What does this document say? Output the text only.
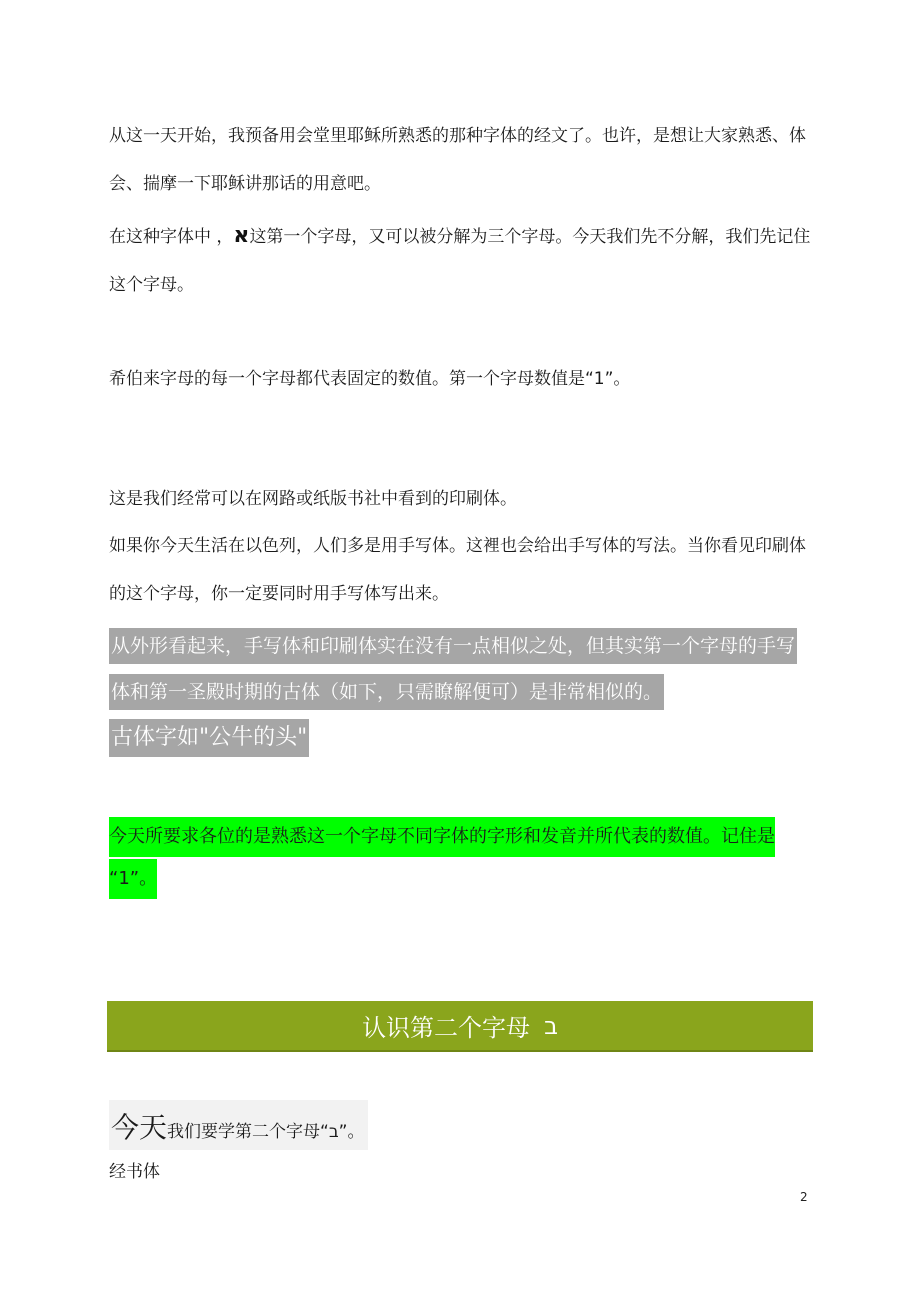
从这一天开始，我预备用会堂里耶稣所熟悉的那种字体的经文了。也许，是想让大家熟悉、体
会、揣摩一下耶稣讲那话的用意吧。
在这种字体中 ，א这第一个字母，又可以被分解为三个字母。今天我们先不分解，我们先记住
这个字母。
希伯来字母的每一个字母都代表固定的数值。第一个字母数值是“1”。
这是我们经常可以在网路或纸版书社中看到的印刷体。
如果你今天生活在以色列，人们多是用手写体。这裡也会给出手写体的写法。当你看见印刷体
的这个字母，你一定要同时用手写体写出来。
从外形看起来，手写体和印刷体实在没有一点相似之处，但其实第一个字母的手写
体和第一圣殿时期的古体（如下，只需瞭解便可）是非常相似的。
古体字如"公牛的头"
今天所要求各位的是熟悉这一个字母不同字体的字形和发音并所代表的数值。记住是
“1”。
认识第二个字母 ב
今天 我们要学第二个字母“ב”。
经书体
2
